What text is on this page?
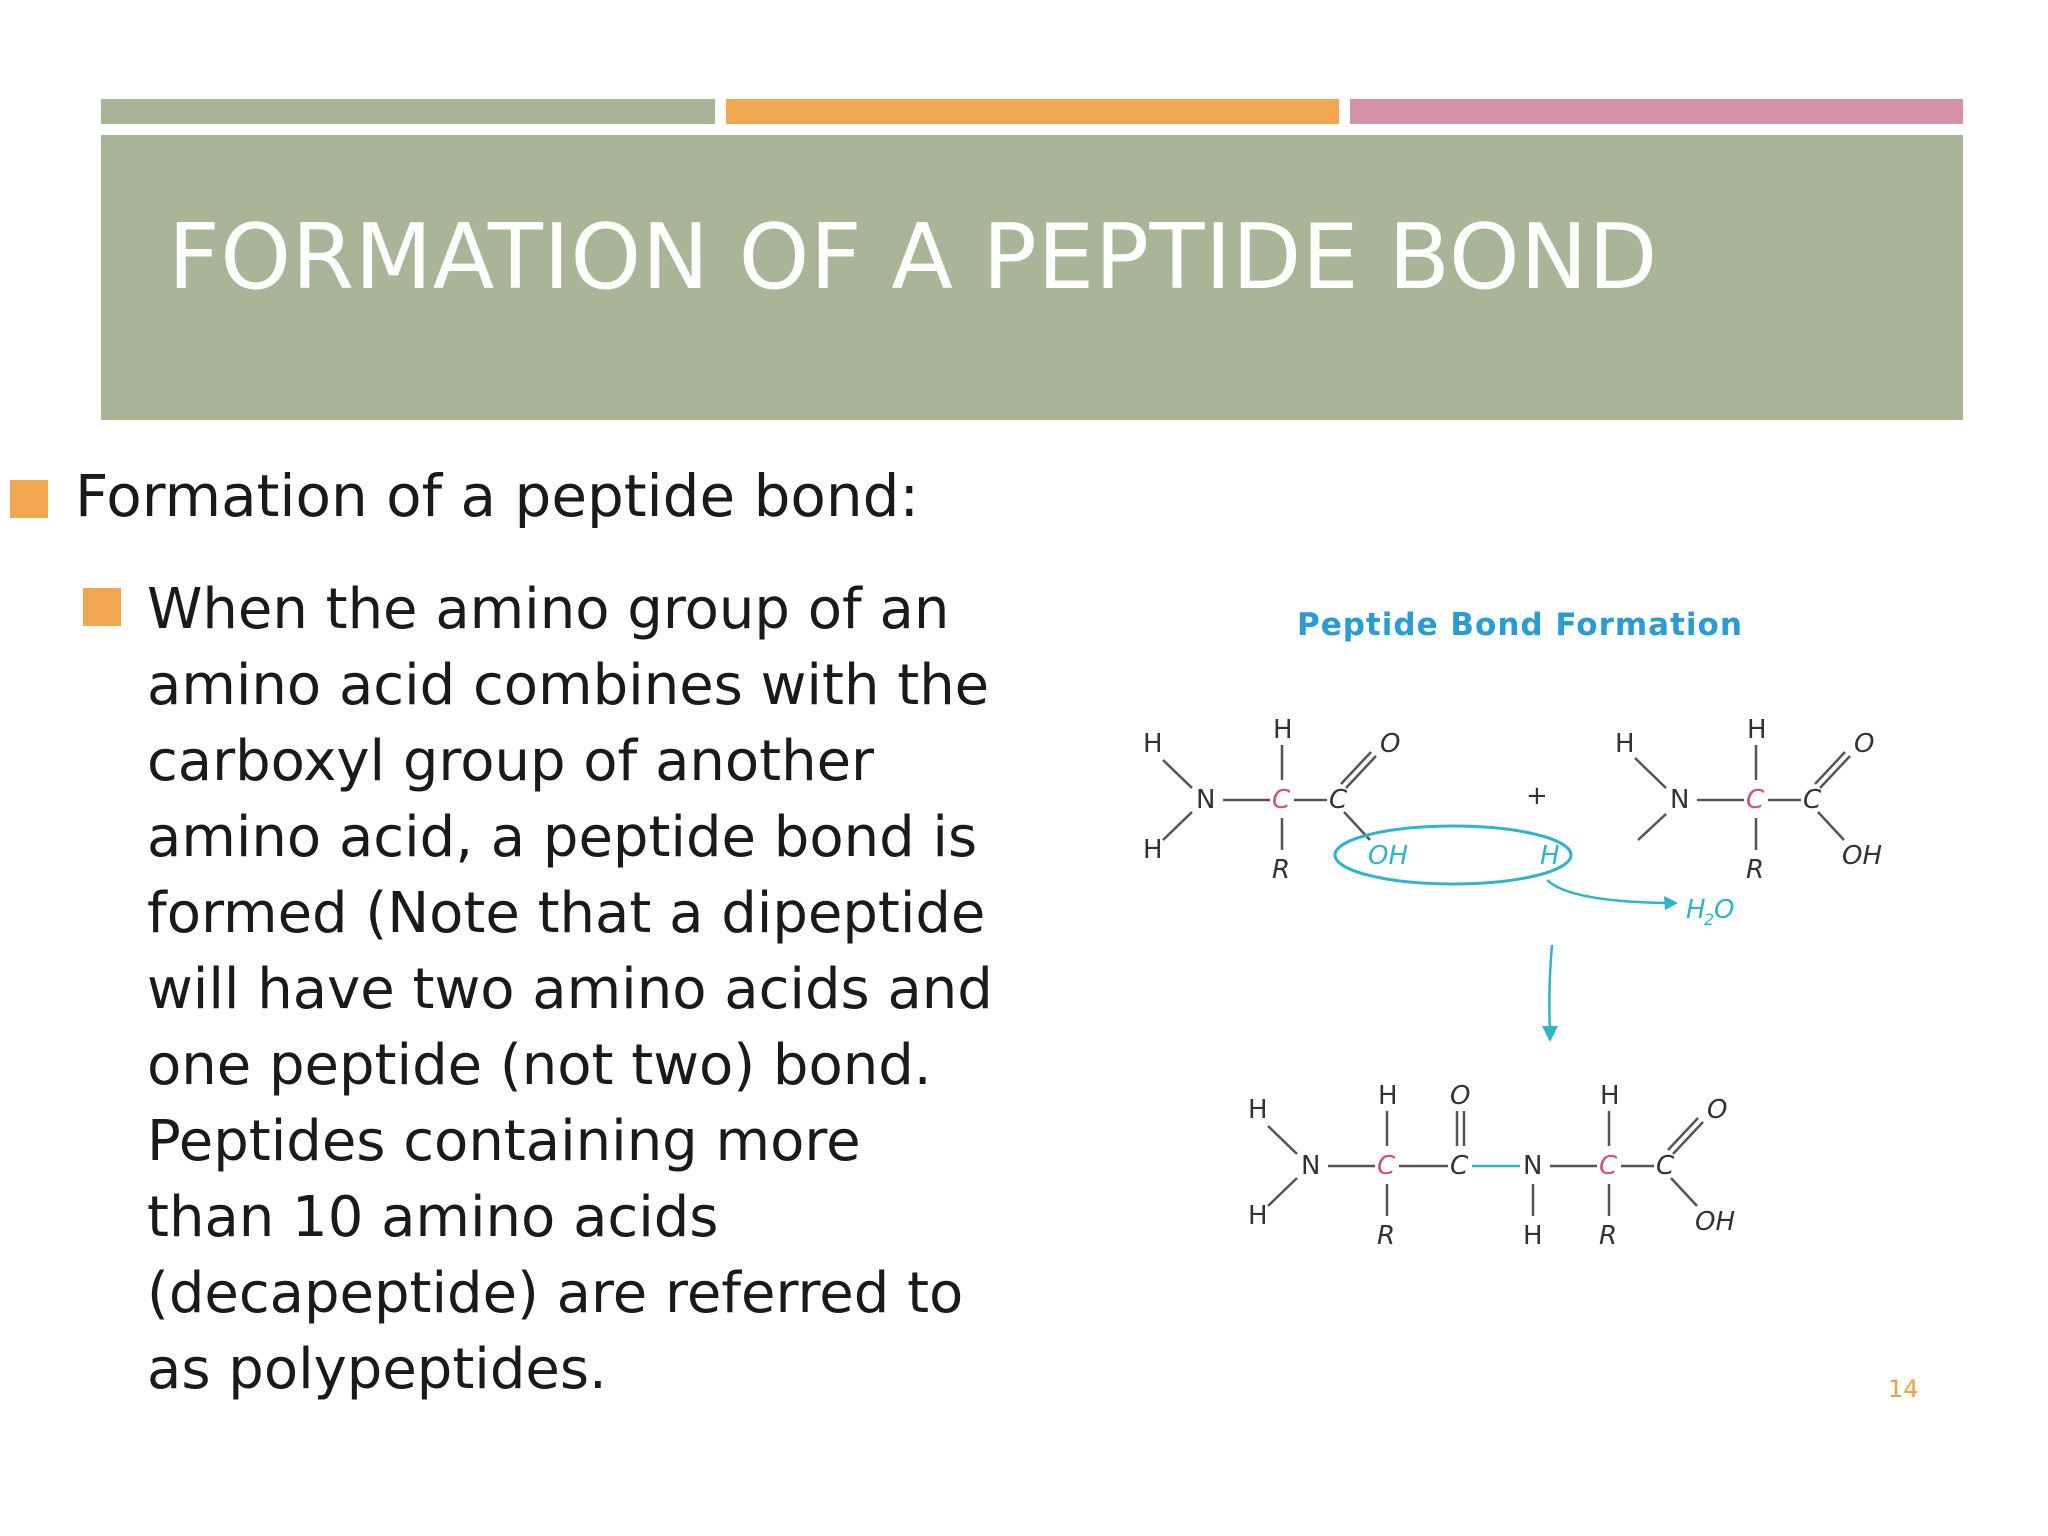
FORMATION OF A PEPTIDE BOND
Formation of a peptide bond:
When the amino group of an
amino acid combines with the
carboxyl group of another
amino acid, a peptide bond is
formed (Note that a dipeptide
will have two amino acids and
one peptide (not two) bond.
Peptides containing more
than 10 amino acids
(decapeptide) are referred to
as polypeptides.
Peptide Bond Formation
H
H
N C
H
R
C
O
OH
+
H
H
N C
H
R
C
O
OH
H
2 O
H
H
N C
H
R
C
O
N
H
C
H
R
C
O
OH
14
